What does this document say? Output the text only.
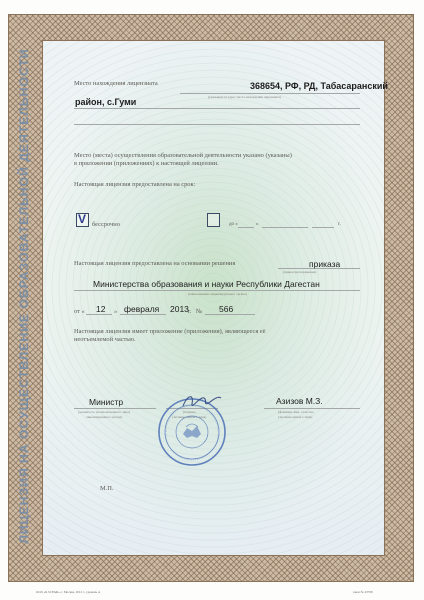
ЛИЦЕНЗИЯ НА ОСУЩЕСТВЛЕНИЕ ОБРАЗОВАТЕЛЬНОЙ ДЕЯТЕЛЬНОСТИ	Место нахождения лицензиата	368654, РФ, РД, Табасаранский
(указывается адрес места нахождения лицензиата)
район, с.Гуми
Место (места) осуществления образовательной деятельности указано (указаны)
в приложении (приложениях) к настоящей лицензии.
Настоящая лицензия предоставлена на срок:
V бессрочно	до «	»	г.
Настоящая лицензия предоставлена на основании решения	приказа
(приказ/распоряжение)
Министерства образования и науки Республики Дагестан
(наименование лицензирующего органа)
от « 12 » февраля 2013 г. № 566
Настоящая лицензия имеет приложение (приложения), являющееся её
неотъемлемой частью.
Министр
(должность уполномоченного лица)
лицензирующего органа)
(подпись
уполномоченного лица)
Азизов М.З.
(фамилия, имя, отчество
уполномоченного лица)
М.П.
ООО «Б.З.ГРАФ», г. Москва, 2012 г., уровень А	заказ № 43798
